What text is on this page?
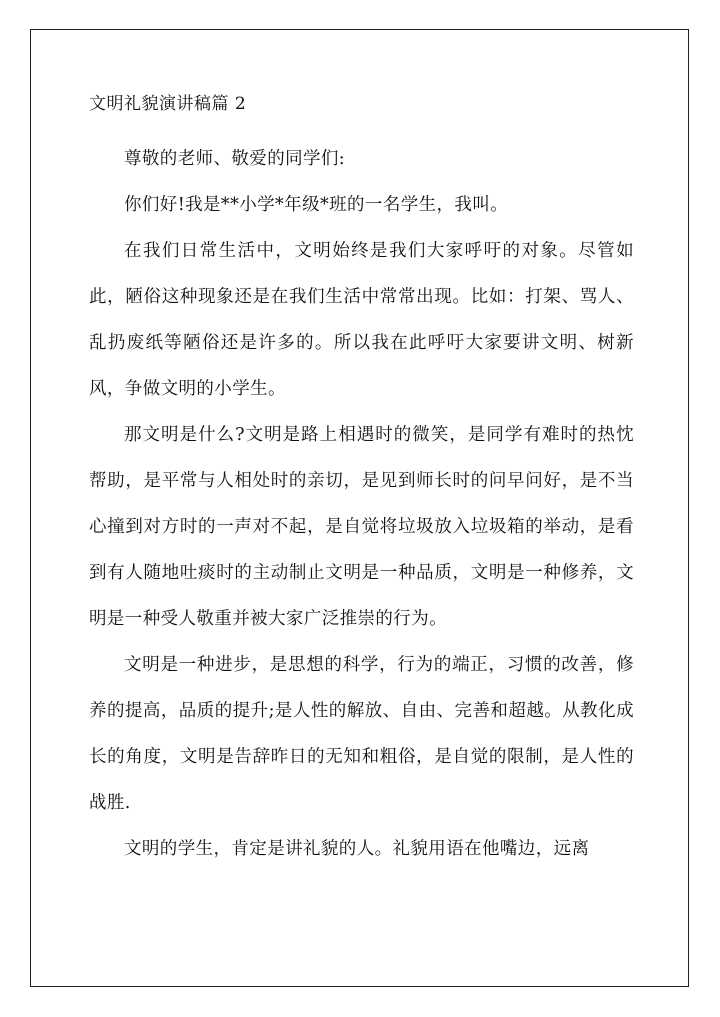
文明礼貌演讲稿篇 2

尊敬的老师、敬爱的同学们:

你们好!我是**小学*年级*班的一名学生，我叫。

在我们日常生活中，文明始终是我们大家呼吁的对象。尽管如此，陋俗这种现象还是在我们生活中常常出现。比如：打架、骂人、乱扔废纸等陋俗还是许多的。所以我在此呼吁大家要讲文明、树新风，争做文明的小学生。

那文明是什么?文明是路上相遇时的微笑，是同学有难时的热忱帮助，是平常与人相处时的亲切，是见到师长时的问早问好，是不当心撞到对方时的一声对不起，是自觉将垃圾放入垃圾箱的举动，是看到有人随地吐痰时的主动制止文明是一种品质，文明是一种修养，文明是一种受人敬重并被大家广泛推崇的行为。

文明是一种进步，是思想的科学，行为的端正，习惯的改善，修养的提高，品质的提升;是人性的解放、自由、完善和超越。从教化成长的角度，文明是告辞昨日的无知和粗俗，是自觉的限制，是人性的战胜.

文明的学生，肯定是讲礼貌的人。礼貌用语在他嘴边，远离
